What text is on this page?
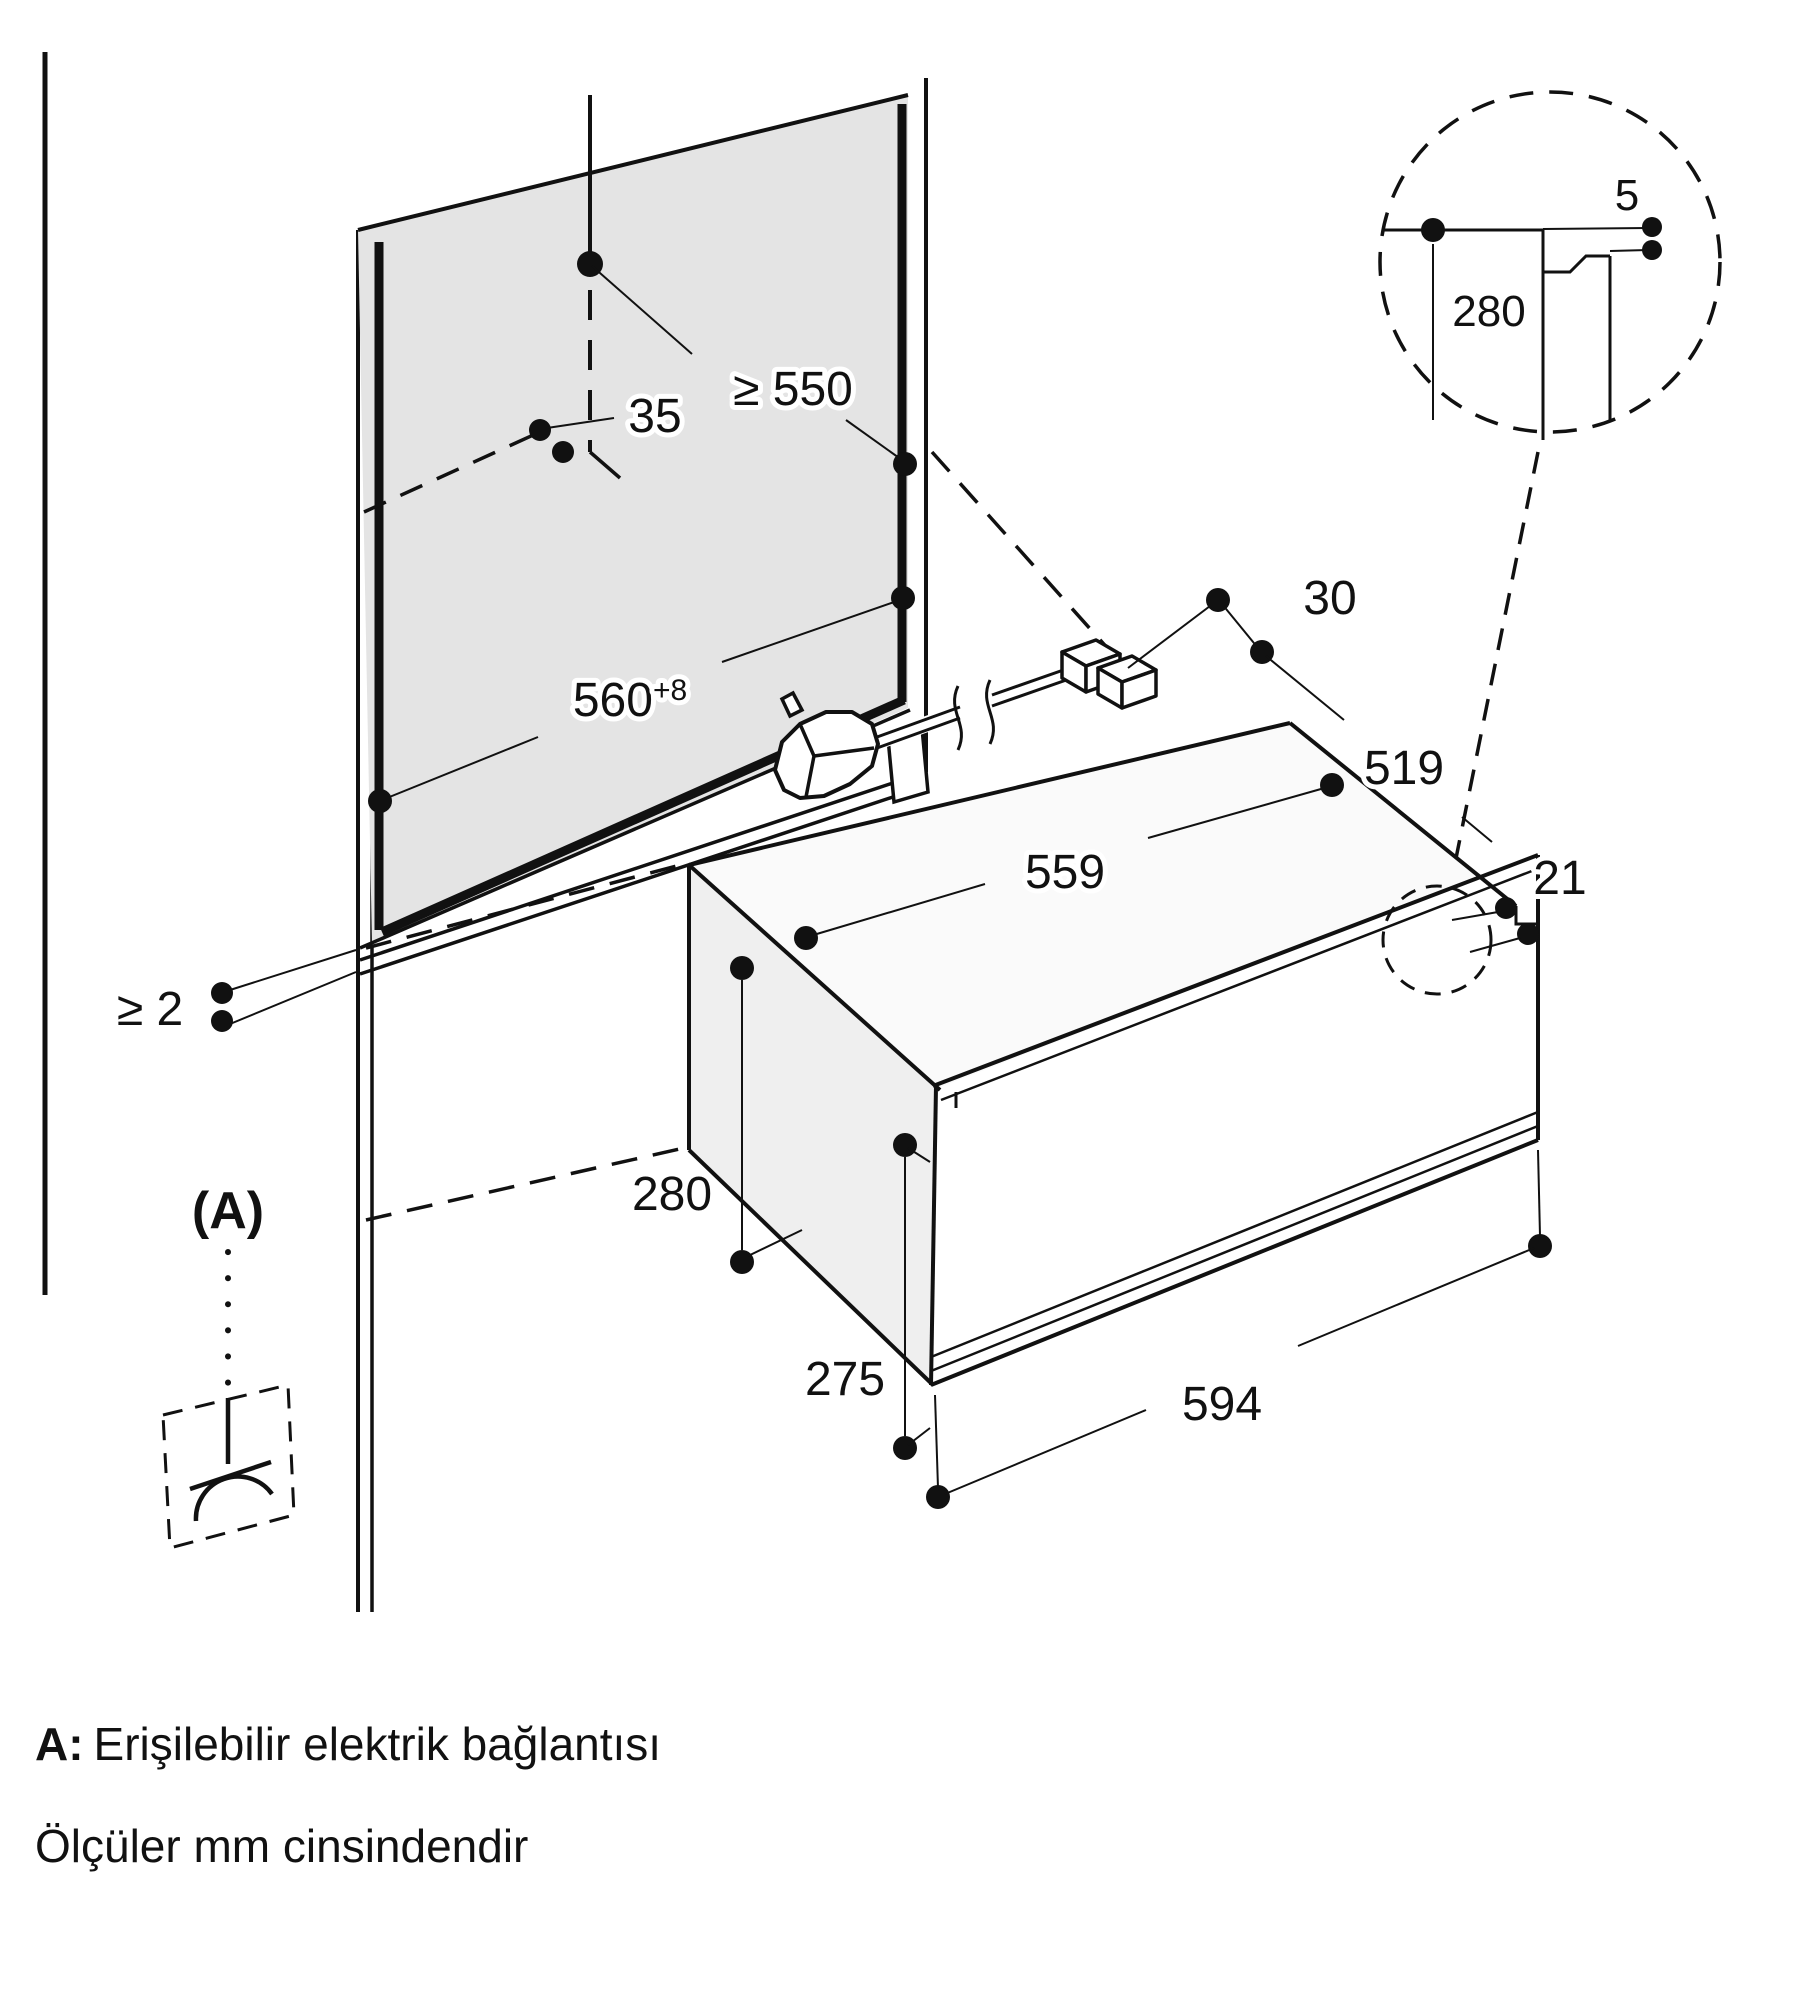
≥ 550
35
$560^{+8}$
≥ 2
30
519
559	21
280
275	594
280
5
(A)
A: Erişilebilir elektrik bağlantısı
Ölçüler mm cinsindendir
